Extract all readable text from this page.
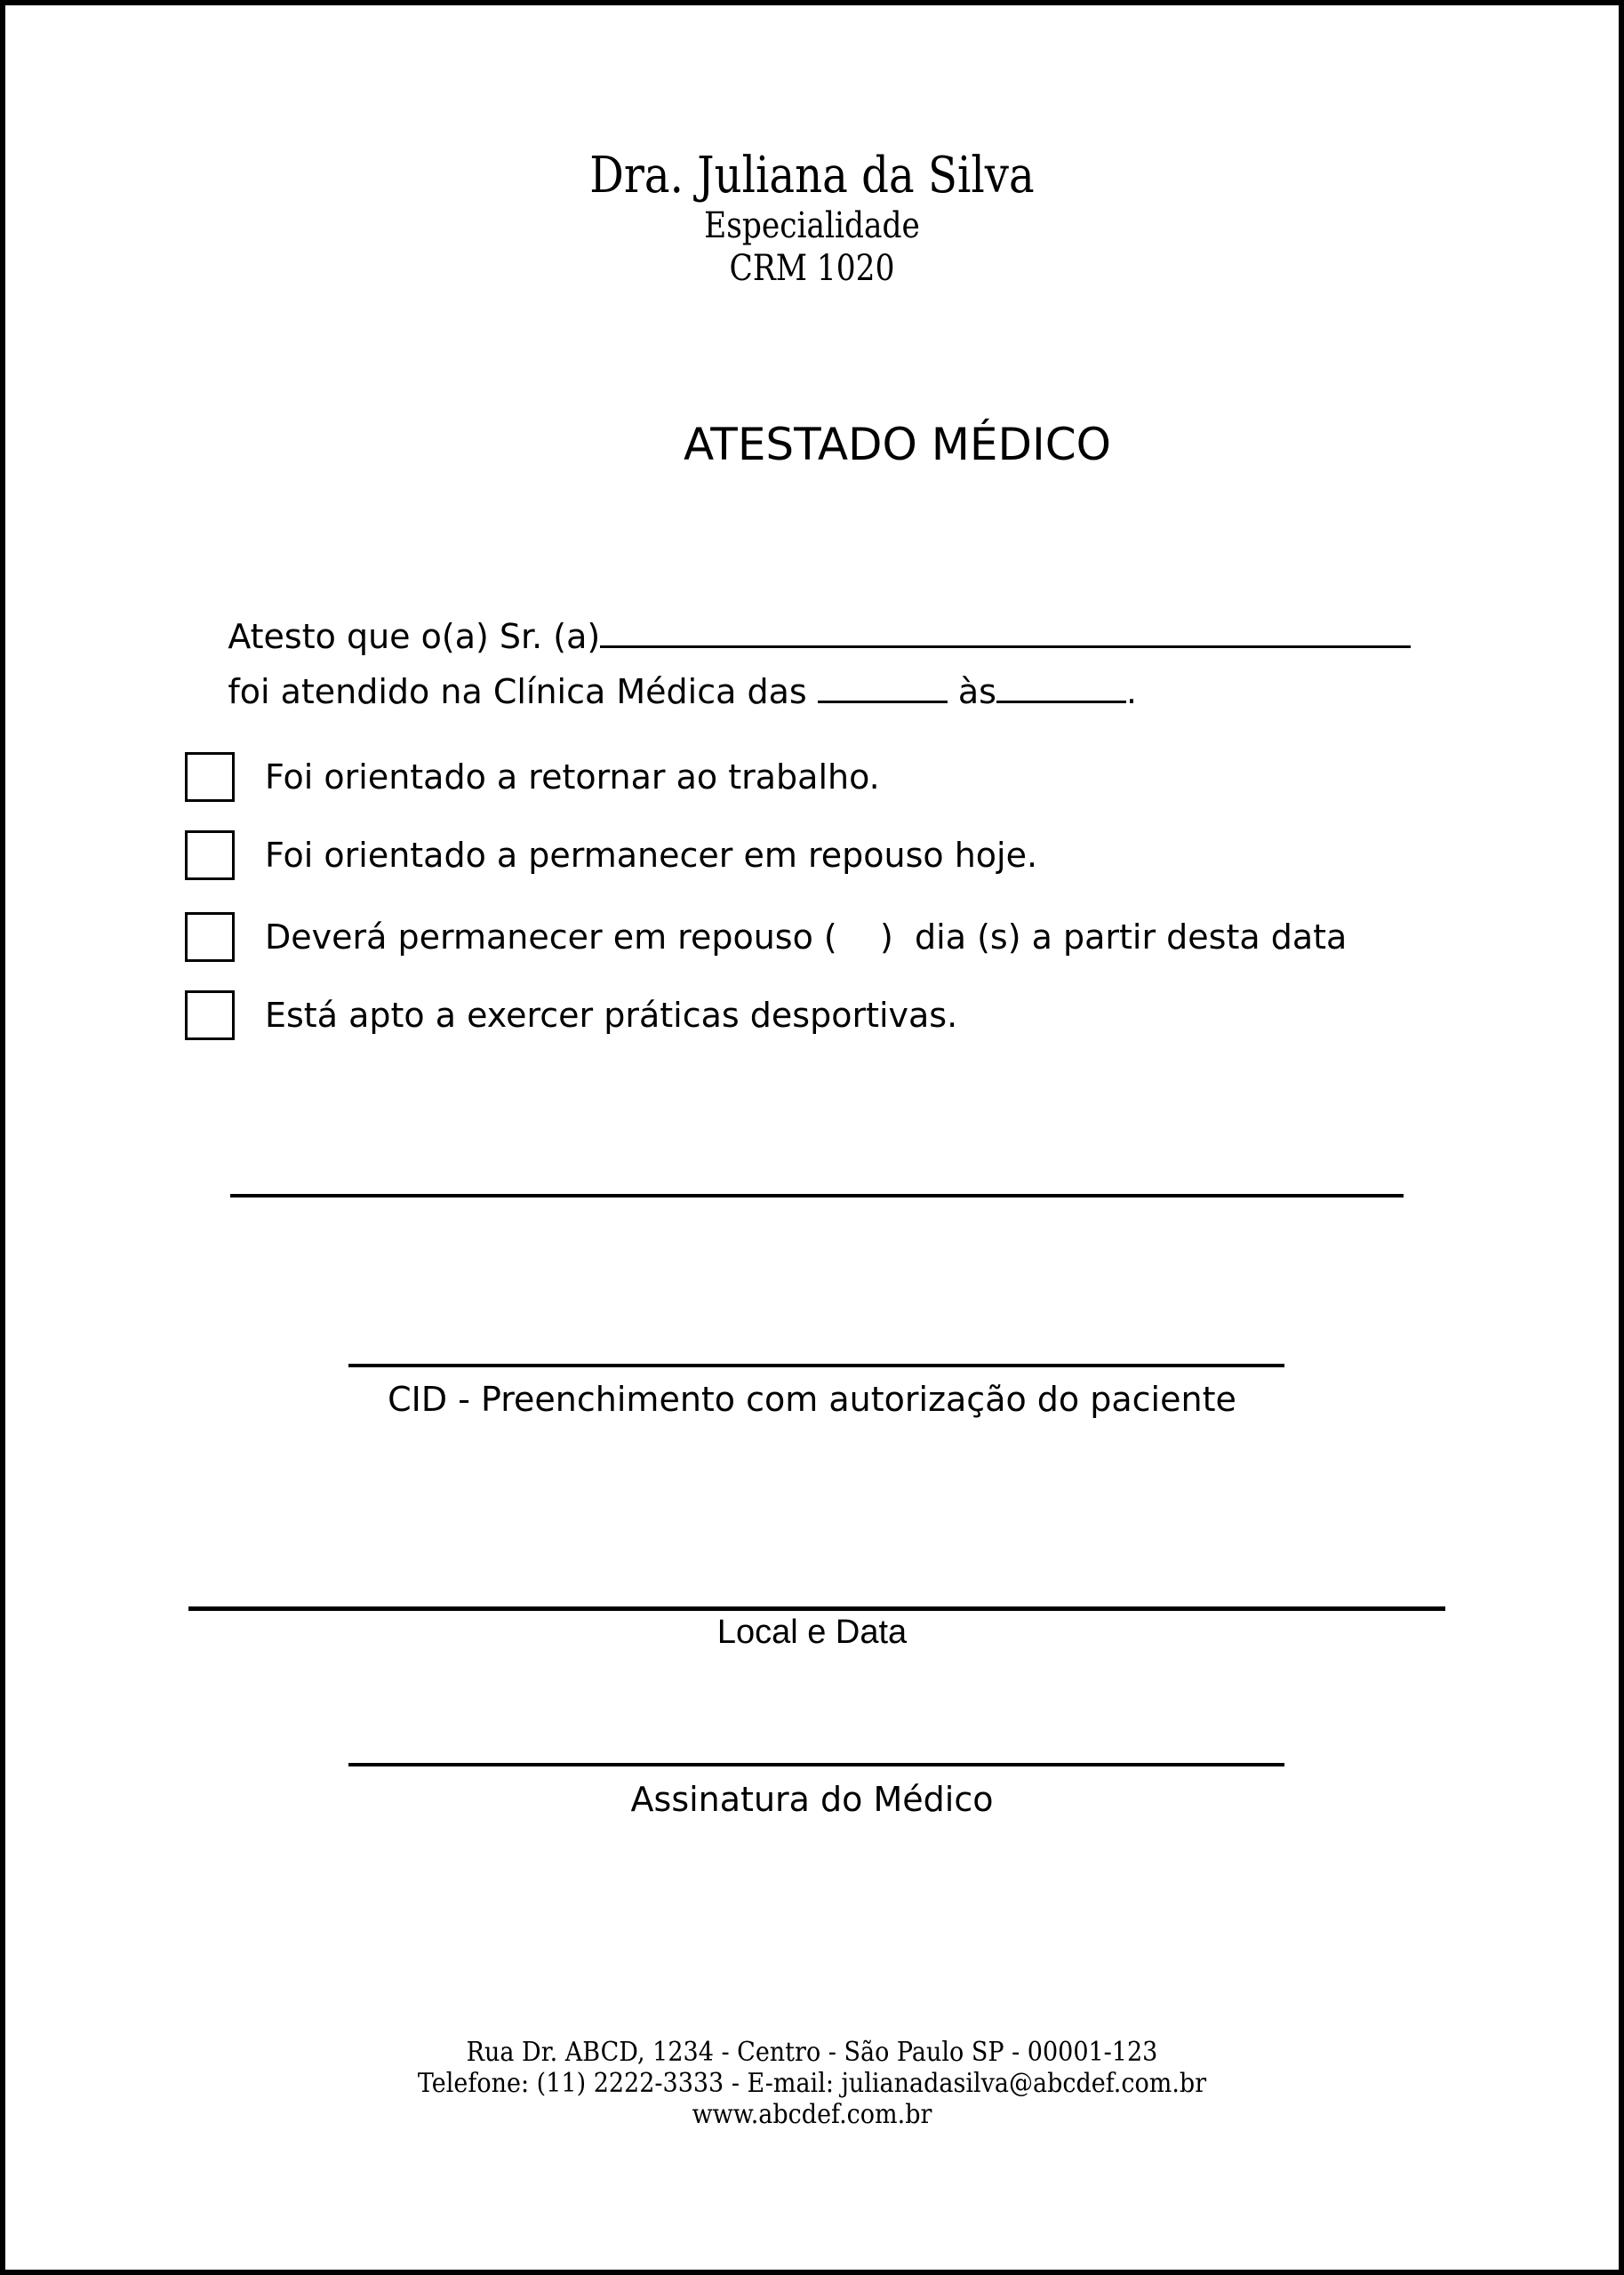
Dra. Juliana da Silva
Especialidade
CRM 1020
ATESTADO MÉDICO

Atesto que o(a) Sr. (a)

foi atendido na Clínica Médica das	às	.

Foi orientado a retornar ao trabalho.
Foi orientado a permanecer em repouso hoje.
Deverá permanecer em repouso (    )  dia (s) a partir desta data
Está apto a exercer práticas desportivas.
CID - Preenchimento com autorização do paciente
Local e Data
Assinatura do Médico
Rua Dr. ABCD, 1234 - Centro - São Paulo SP - 00001-123
Telefone: (11) 2222-3333 - E-mail: julianadasilva@abcdef.com.br
www.abcdef.com.br
